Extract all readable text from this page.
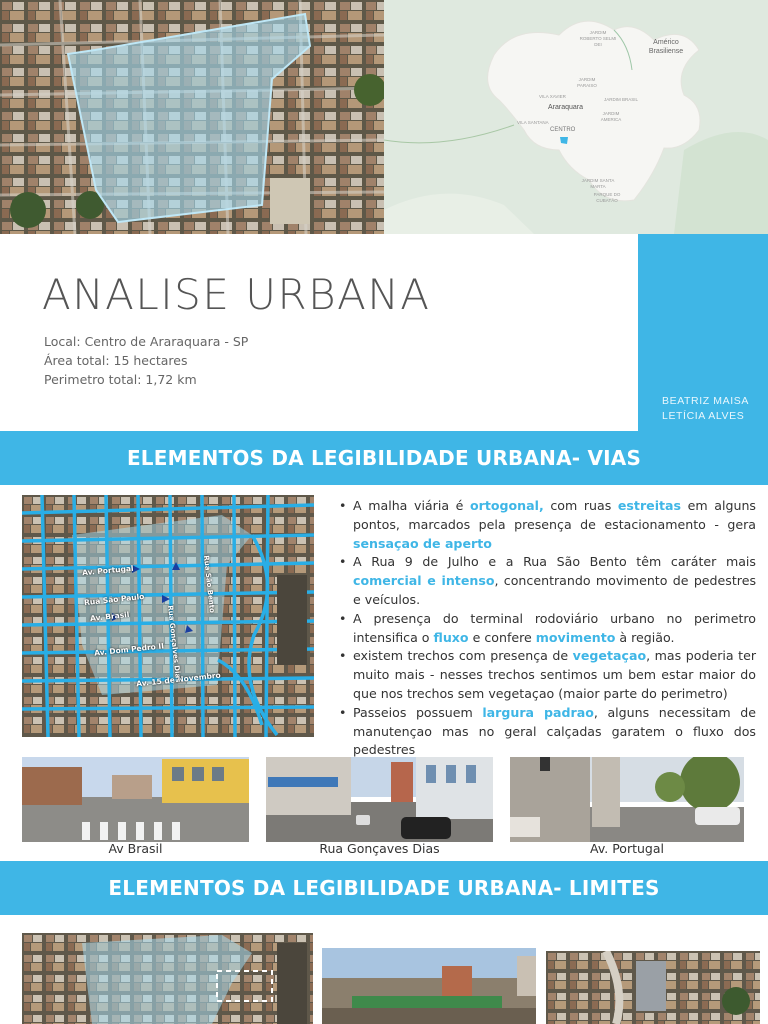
Américo Brasiliense
Araraquara
CENTRO
JARDIM ROBERTO SELMI DEI
JARDIM PARAISO
VILA XAVIER
JARDIM BRASIL
JARDIM AMERICA
JARDIM SANTA MARTA
PARQUE DO CUBATÃO
VILA SANTANA
ANALISE URBANA
Local: Centro de Araraquara - SP
Área total: 15 hectares
Perimetro total: 1,72 km
BEATRIZ MAISA
LETÍCIA ALVES
ELEMENTOS DA LEGIBILIDADE URBANA- VIAS
Av. Portugal
Rua São Paulo
Av. Brasil
Av. Dom Pedro II
Av. 15 de Novembro
Rua Gonçalves Dias
Rua São Bento
• A malha viária é ortogonal, com ruas estreitas em alguns pontos, marcados pela presença de estacionamento - gera sensaçao de aperto
• A Rua 9 de Julho e a Rua São Bento têm caráter mais comercial e intenso, concentrando movimento de pedestres e veículos.
• A presença do terminal rodoviário urbano no perimetro intensifica o fluxo e confere movimento à região.
• existem trechos com presença de vegetaçao, mas poderia ter muito mais - nesses trechos sentimos um bem estar maior do que nos trechos sem vegetaçao (maior parte do perimetro)
• Passeios possuem largura padrao, alguns necessitam de manutençao mas no geral calçadas garatem o fluxo dos pedestres
Av Brasil	Rua Gonçaves Dias	Av. Portugal
ELEMENTOS DA LEGIBILIDADE URBANA- LIMITES
